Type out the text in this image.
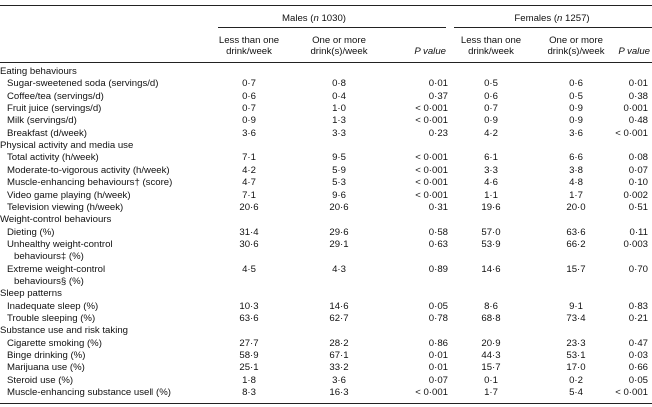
Males (n 1030)	Females (n 1257)
Less than one
drink/week
One or more
drink(s)/week	P value
Less than one
drink/week
One or more
drink(s)/week	P value
Eating behaviours
Sugar-sweetened soda (servings/d)	0·7	0·8	0·01	0·5	0·6	0·01
Coffee/tea (servings/d)	0·6	0·4	0·37	0·6	0·5	0·38
Fruit juice (servings/d)	0·7	1·0	< 0·001	0·7	0·9	0·001
Milk (servings/d)	0·9	1·3	< 0·001	0·9	0·9	0·48
Breakfast (d/week)	3·6	3·3	0·23	4·2	3·6	< 0·001
Physical activity and media use
Total activity (h/week)	7·1	9·5	< 0·001	6·1	6·6	0·08
Moderate-to-vigorous activity (h/week)	4·2	5·9	< 0·001	3·3	3·8	0·07
Muscle-enhancing behaviours† (score)	4·7	5·3	< 0·001	4·6	4·8	0·10
Video game playing (h/week)	7·1	9·6	< 0·001	1·1	1·7	0·002
Television viewing (h/week)	20·6	20·6	0·31	19·6	20·0	0·51
Weight-control behaviours
Dieting (%)	31·4	29·6	0·58	57·0	63·6	0·11
Unhealthy weight-control	30·6	29·1	0·63	53·9	66·2	0·003
behaviours‡ (%)
Extreme weight-control	4·5	4·3	0·89	14·6	15·7	0·70
behaviours§ (%)
Sleep patterns
Inadequate sleep (%)	10·3	14·6	0·05	8·6	9·1	0·83
Trouble sleeping (%)	63·6	62·7	0·78	68·8	73·4	0·21
Substance use and risk taking
Cigarette smoking (%)	27·7	28·2	0·86	20·9	23·3	0·47
Binge drinking (%)	58·9	67·1	0·01	44·3	53·1	0·03
Marijuana use (%)	25·1	33·2	0·01	15·7	17·0	0·66
Steroid use (%)	1·8	3·6	0·07	0·1	0·2	0·05
Muscle-enhancing substance use‖ (%)	8·3	16·3	< 0·001	1·7	5·4	< 0·001
